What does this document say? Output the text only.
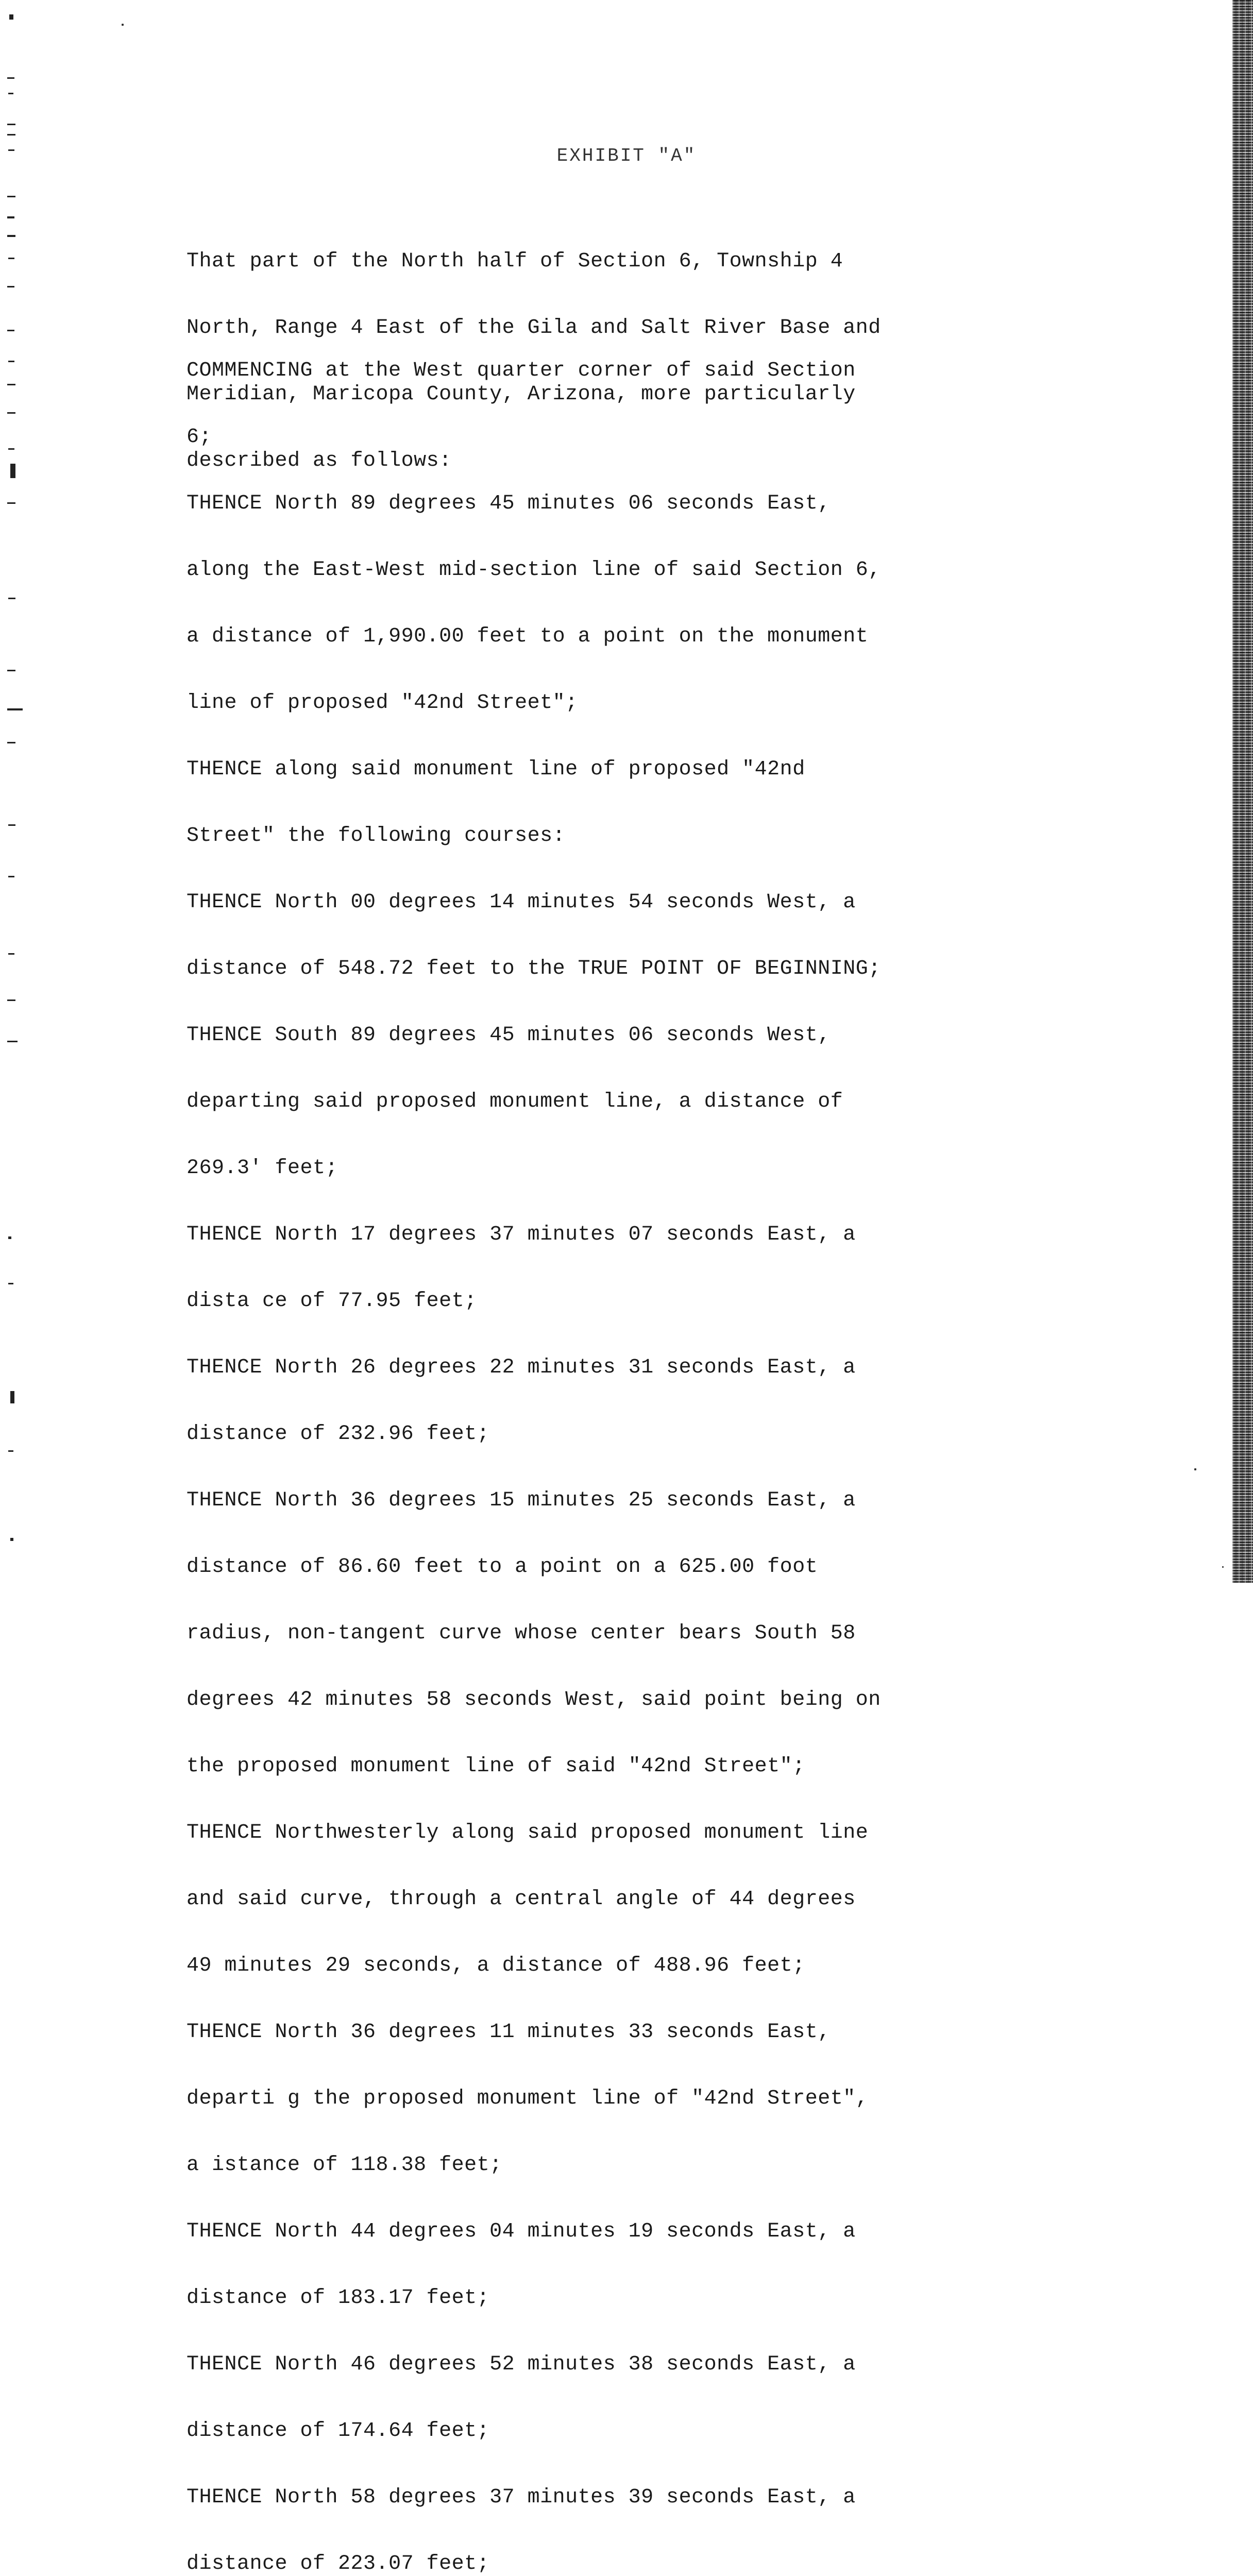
EXHIBIT "A"

That part of the North half of Section 6, Township 4

North, Range 4 East of the Gila and Salt River Base and

Meridian, Maricopa County, Arizona, more particularly

described as follows:

COMMENCING at the West quarter corner of said Section

6;

THENCE North 89 degrees 45 minutes 06 seconds East,

along the East-West mid-section line of said Section 6,

a distance of 1,990.00 feet to a point on the monument

line of proposed "42nd Street";

THENCE along said monument line of proposed "42nd

Street" the following courses:

THENCE North 00 degrees 14 minutes 54 seconds West, a

distance of 548.72 feet to the TRUE POINT OF BEGINNING;

THENCE South 89 degrees 45 minutes 06 seconds West,

departing said proposed monument line, a distance of

269.3' feet;

THENCE North 17 degrees 37 minutes 07 seconds East, a

dista ce of 77.95 feet;

THENCE North 26 degrees 22 minutes 31 seconds East, a

distance of 232.96 feet;

THENCE North 36 degrees 15 minutes 25 seconds East, a

distance of 86.60 feet to a point on a 625.00 foot

radius, non-tangent curve whose center bears South 58

degrees 42 minutes 58 seconds West, said point being on

the proposed monument line of said "42nd Street";

THENCE Northwesterly along said proposed monument line

and said curve, through a central angle of 44 degrees

49 minutes 29 seconds, a distance of 488.96 feet;

THENCE North 36 degrees 11 minutes 33 seconds East,

departi g the proposed monument line of "42nd Street",

a istance of 118.38 feet;

THENCE North 44 degrees 04 minutes 19 seconds East, a

distance of 183.17 feet;

THENCE North 46 degrees 52 minutes 38 seconds East, a

distance of 174.64 feet;

THENCE North 58 degrees 37 minutes 39 seconds East, a

distance of 223.07 feet;
